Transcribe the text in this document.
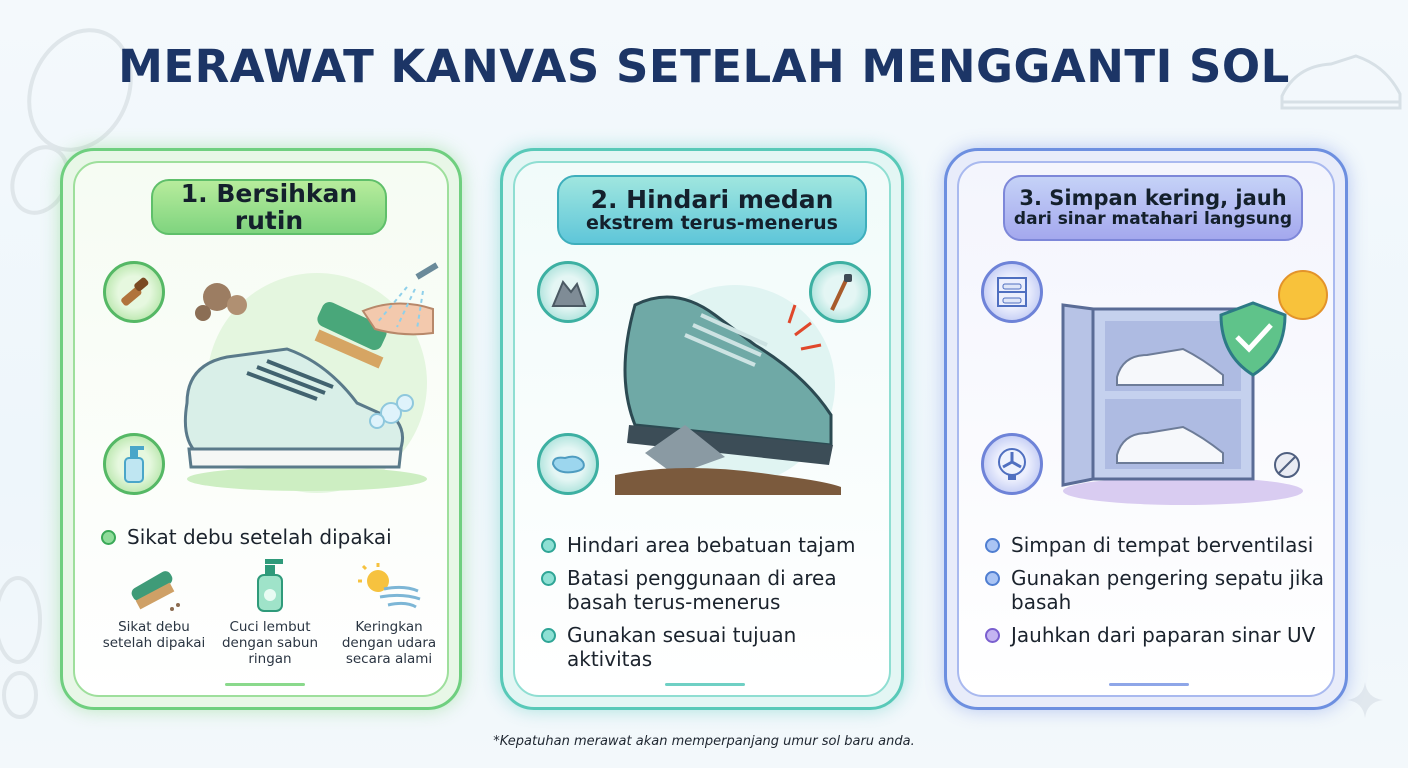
MERAWAT KANVAS SETELAH MENGGANTI SOL
1. Bersihkan rutin
Sikat debu setelah dipakai
Sikat debu setelah dipakai
Cuci lembut dengan sabun ringan
Keringkan dengan udara secara alami
2. Hindari medan
ekstrem terus-menerus
Hindari area bebatuan tajam
Batasi penggunaan di area basah terus-menerus
Gunakan sesuai tujuan aktivitas
3. Simpan kering, jauh
dari sinar matahari langsung
Simpan di tempat berventilasi
Gunakan pengering sepatu jika basah
Jauhkan dari paparan sinar UV
*Kepatuhan merawat akan memperpanjang umur sol baru anda.
